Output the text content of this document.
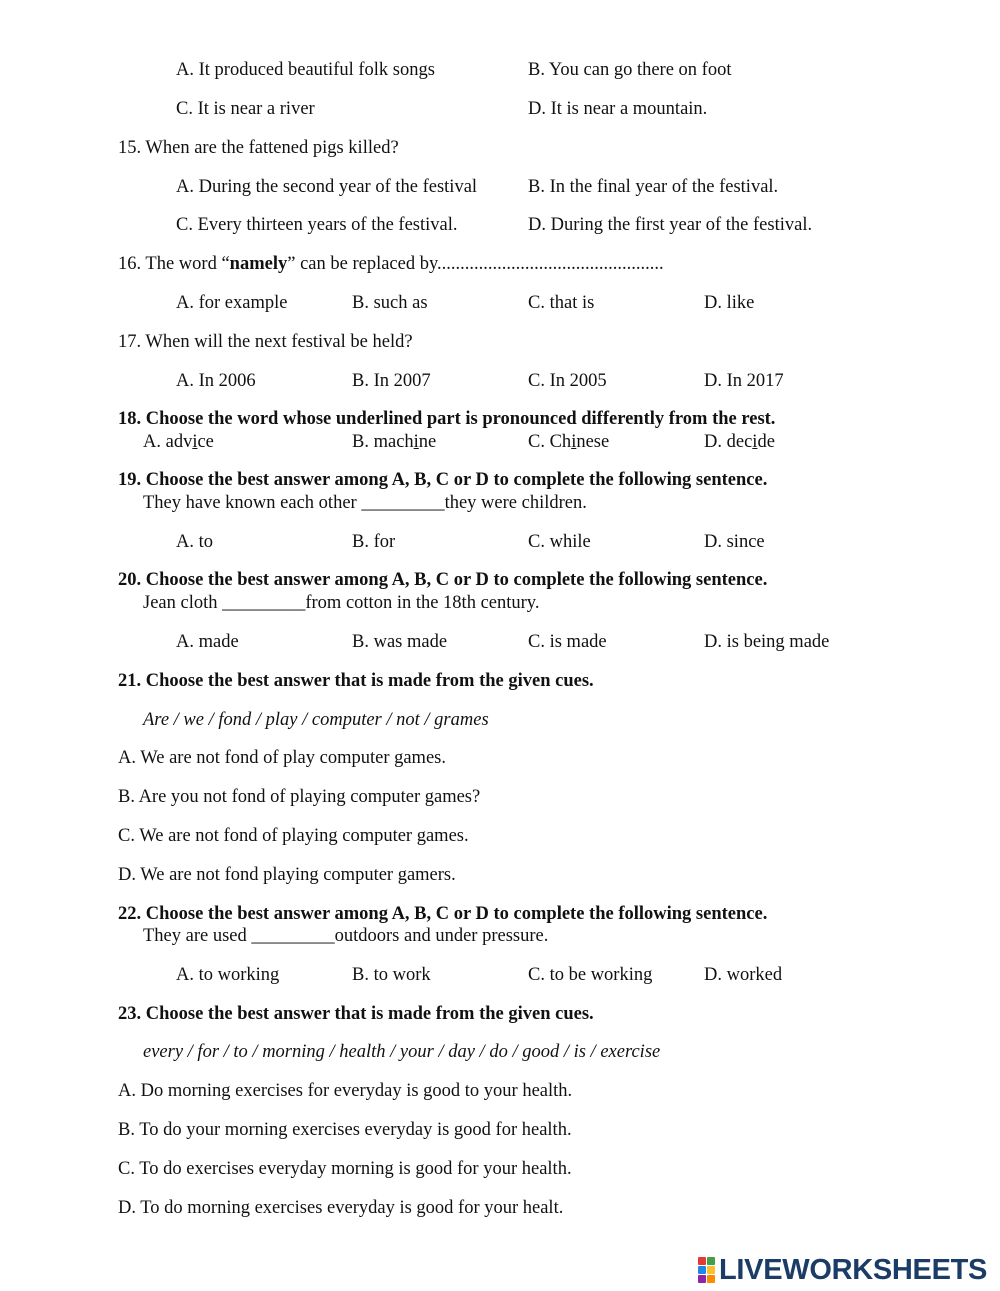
A. It produced beautiful folk songs	B. You can go there on foot
C. It is near a river	D. It is near a mountain.
15. When are the fattened pigs killed?
A. During the second year of the festival	B. In the final year of the festival.
C. Every thirteen years of the festival.	D. During the first year of the festival.
16. The word “namely” can be replaced by.................................................
A. for example	B. such as	C. that is	D. like
17. When will the next festival be held?
A. In 2006	B. In 2007	C. In 2005	D. In 2017
18. Choose the word whose underlined part is pronounced differently from the rest.
A. advice	B. machine	C. Chinese	D. decide
19. Choose the best answer among A, B, C or D to complete the following sentence.
They have known each other _________they were children.
A. to	B. for	C. while	D. since
20. Choose the best answer among A, B, C or D to complete the following sentence.
Jean cloth _________from cotton in the 18th century.
A. made	B. was made	C. is made	D. is being made
21. Choose the best answer that is made from the given cues.
Are / we / fond / play / computer / not / grames
A. We are not fond of play computer games.
B. Are you not fond of playing computer games?
C. We are not fond of playing computer games.
D. We are not fond playing computer gamers.
22. Choose the best answer among A, B, C or D to complete the following sentence.
They are used _________outdoors and under pressure.
A. to working	B. to work	C. to be working	D. worked
23. Choose the best answer that is made from the given cues.
every / for / to / morning / health / your / day / do / good / is / exercise
A. Do morning exercises for everyday is good to your health.
B. To do your morning exercises everyday is good for health.
C. To do exercises everyday morning is good for your health.
D. To do morning exercises everyday is good for your healt.
LIVEWORKSHEETS
